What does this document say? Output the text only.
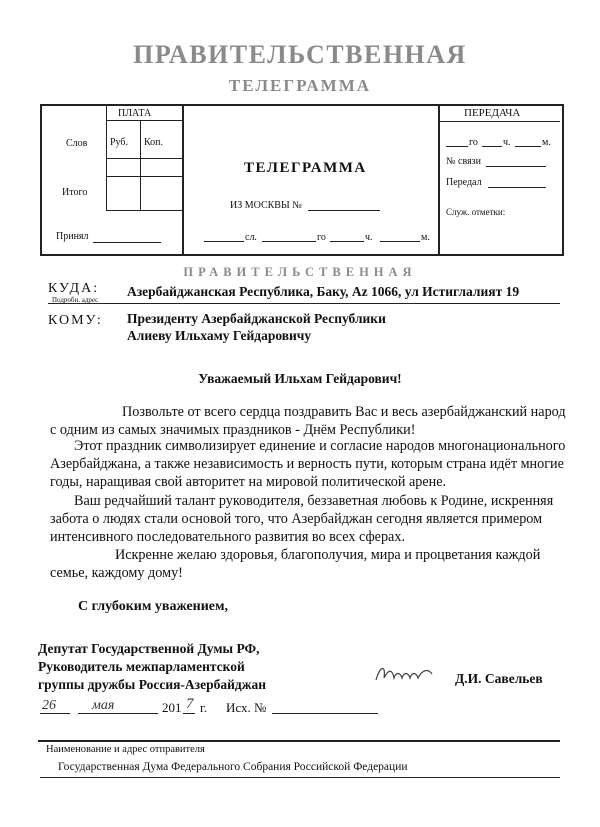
ПРАВИТЕЛЬСТВЕННАЯ
ТЕЛЕГРАММА
ПЛАТА
Слов Руб. Коп.
Итого
Принял
ТЕЛЕГРАММА
ИЗ МОСКВЫ №
сл.	го	ч.	м.
ПЕРЕДАЧА
го	ч.	м.
№ связи
Передал
Служ. отметки:
ПРАВИТЕЛЬСТВЕННАЯ
КУДА:
Подробн. адрес
Азербайджанская Республика, Баку, Az 1066, ул Истиглалият 19
КОМУ: Президенту Азербайджанской Республики
Алиеву Ильхаму Гейдаровичу
Уважаемый Ильхам Гейдарович!
Позвольте от всего сердца поздравить Вас и весь азербайджанский народ
с одним из самых значимых праздников - Днём Республики!
Этот праздник символизирует единение и согласие народов многонационального
Азербайджана, а также независимость и верность пути, которым страна идёт многие
годы, наращивая свой авторитет на мировой политической арене.
Ваш редчайший талант руководителя, беззаветная любовь к Родине, искренняя
забота о людях стали основой того, что Азербайджан сегодня является примером
интенсивного последовательного развития во всех сферах.
Искренне желаю здоровья, благополучия, мира и процветания каждой
семье, каждому дому!
С глубоким уважением,
Депутат Государственной Думы РФ,
Руководитель межпарламентской
группы дружбы Россия-Азербайджан	Д.И. Савельев
26	мая	201 7 г. Исх. №
Наименование и адрес отправителя
Государственная Дума Федерального Собрания Российской Федерации
